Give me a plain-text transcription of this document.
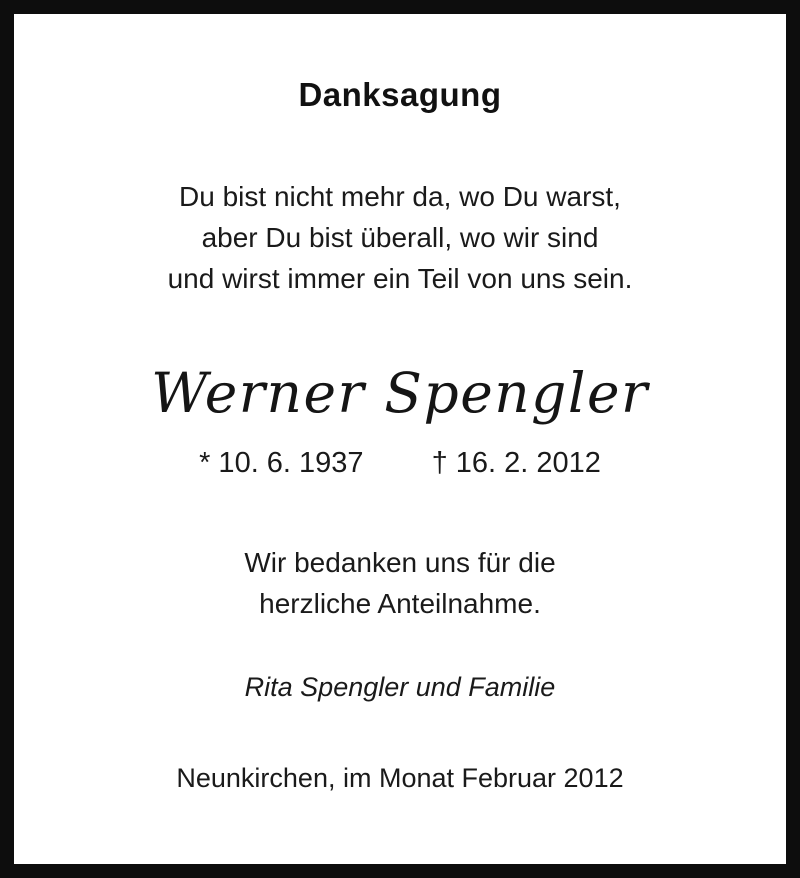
Danksagung
Du bist nicht mehr da, wo Du warst,
aber Du bist überall, wo wir sind
und wirst immer ein Teil von uns sein.
Werner Spengler
* 10. 6. 1937 † 16. 2. 2012
Wir bedanken uns für die
herzliche Anteilnahme.
Rita Spengler und Familie
Neunkirchen, im Monat Februar 2012
